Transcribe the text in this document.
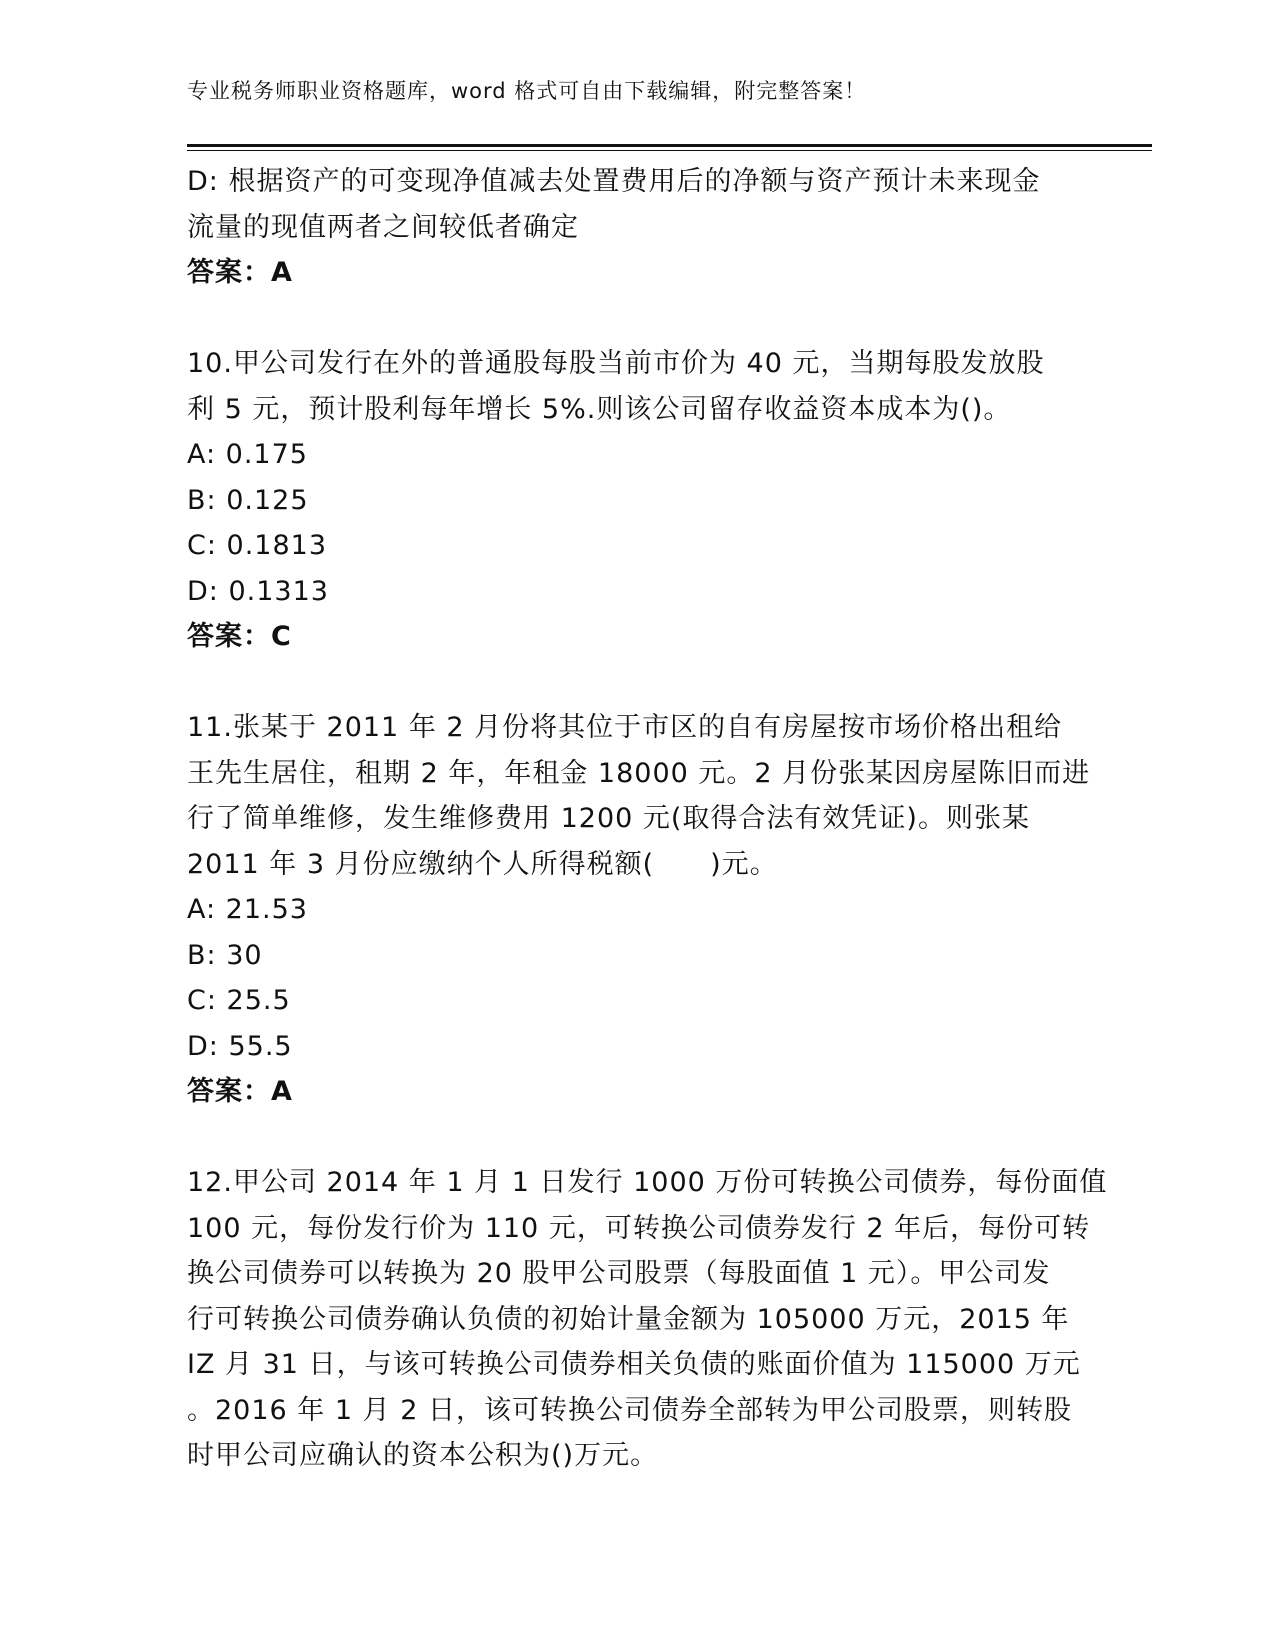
专业税务师职业资格题库，word 格式可自由下载编辑，附完整答案！
D: 根据资产的可变现净值减去处置费用后的净额与资产预计未来现金
流量的现值两者之间较低者确定
答案：A
10.甲公司发行在外的普通股每股当前市价为 40 元，当期每股发放股
利 5 元，预计股利每年增长 5%.则该公司留存收益资本成本为()。
A: 0.175
B: 0.125
C: 0.1813
D: 0.1313
答案：C
11.张某于 2011 年 2 月份将其位于市区的自有房屋按市场价格出租给
王先生居住，租期 2 年，年租金 18000 元。2 月份张某因房屋陈旧而进
行了简单维修，发生维修费用 1200 元(取得合法有效凭证)。则张某
2011 年 3 月份应缴纳个人所得税额(　　)元。
A: 21.53
B: 30
C: 25.5
D: 55.5
答案：A
12.甲公司 2014 年 1 月 1 日发行 1000 万份可转换公司债券，每份面值
100 元，每份发行价为 110 元，可转换公司债券发行 2 年后，每份可转
换公司债券可以转换为 20 股甲公司股票（每股面值 1 元）。甲公司发
行可转换公司债券确认负债的初始计量金额为 105000 万元，2015 年
IZ 月 31 日，与该可转换公司债券相关负债的账面价值为 115000 万元
。2016 年 1 月 2 日，该可转换公司债券全部转为甲公司股票，则转股
时甲公司应确认的资本公积为()万元。
